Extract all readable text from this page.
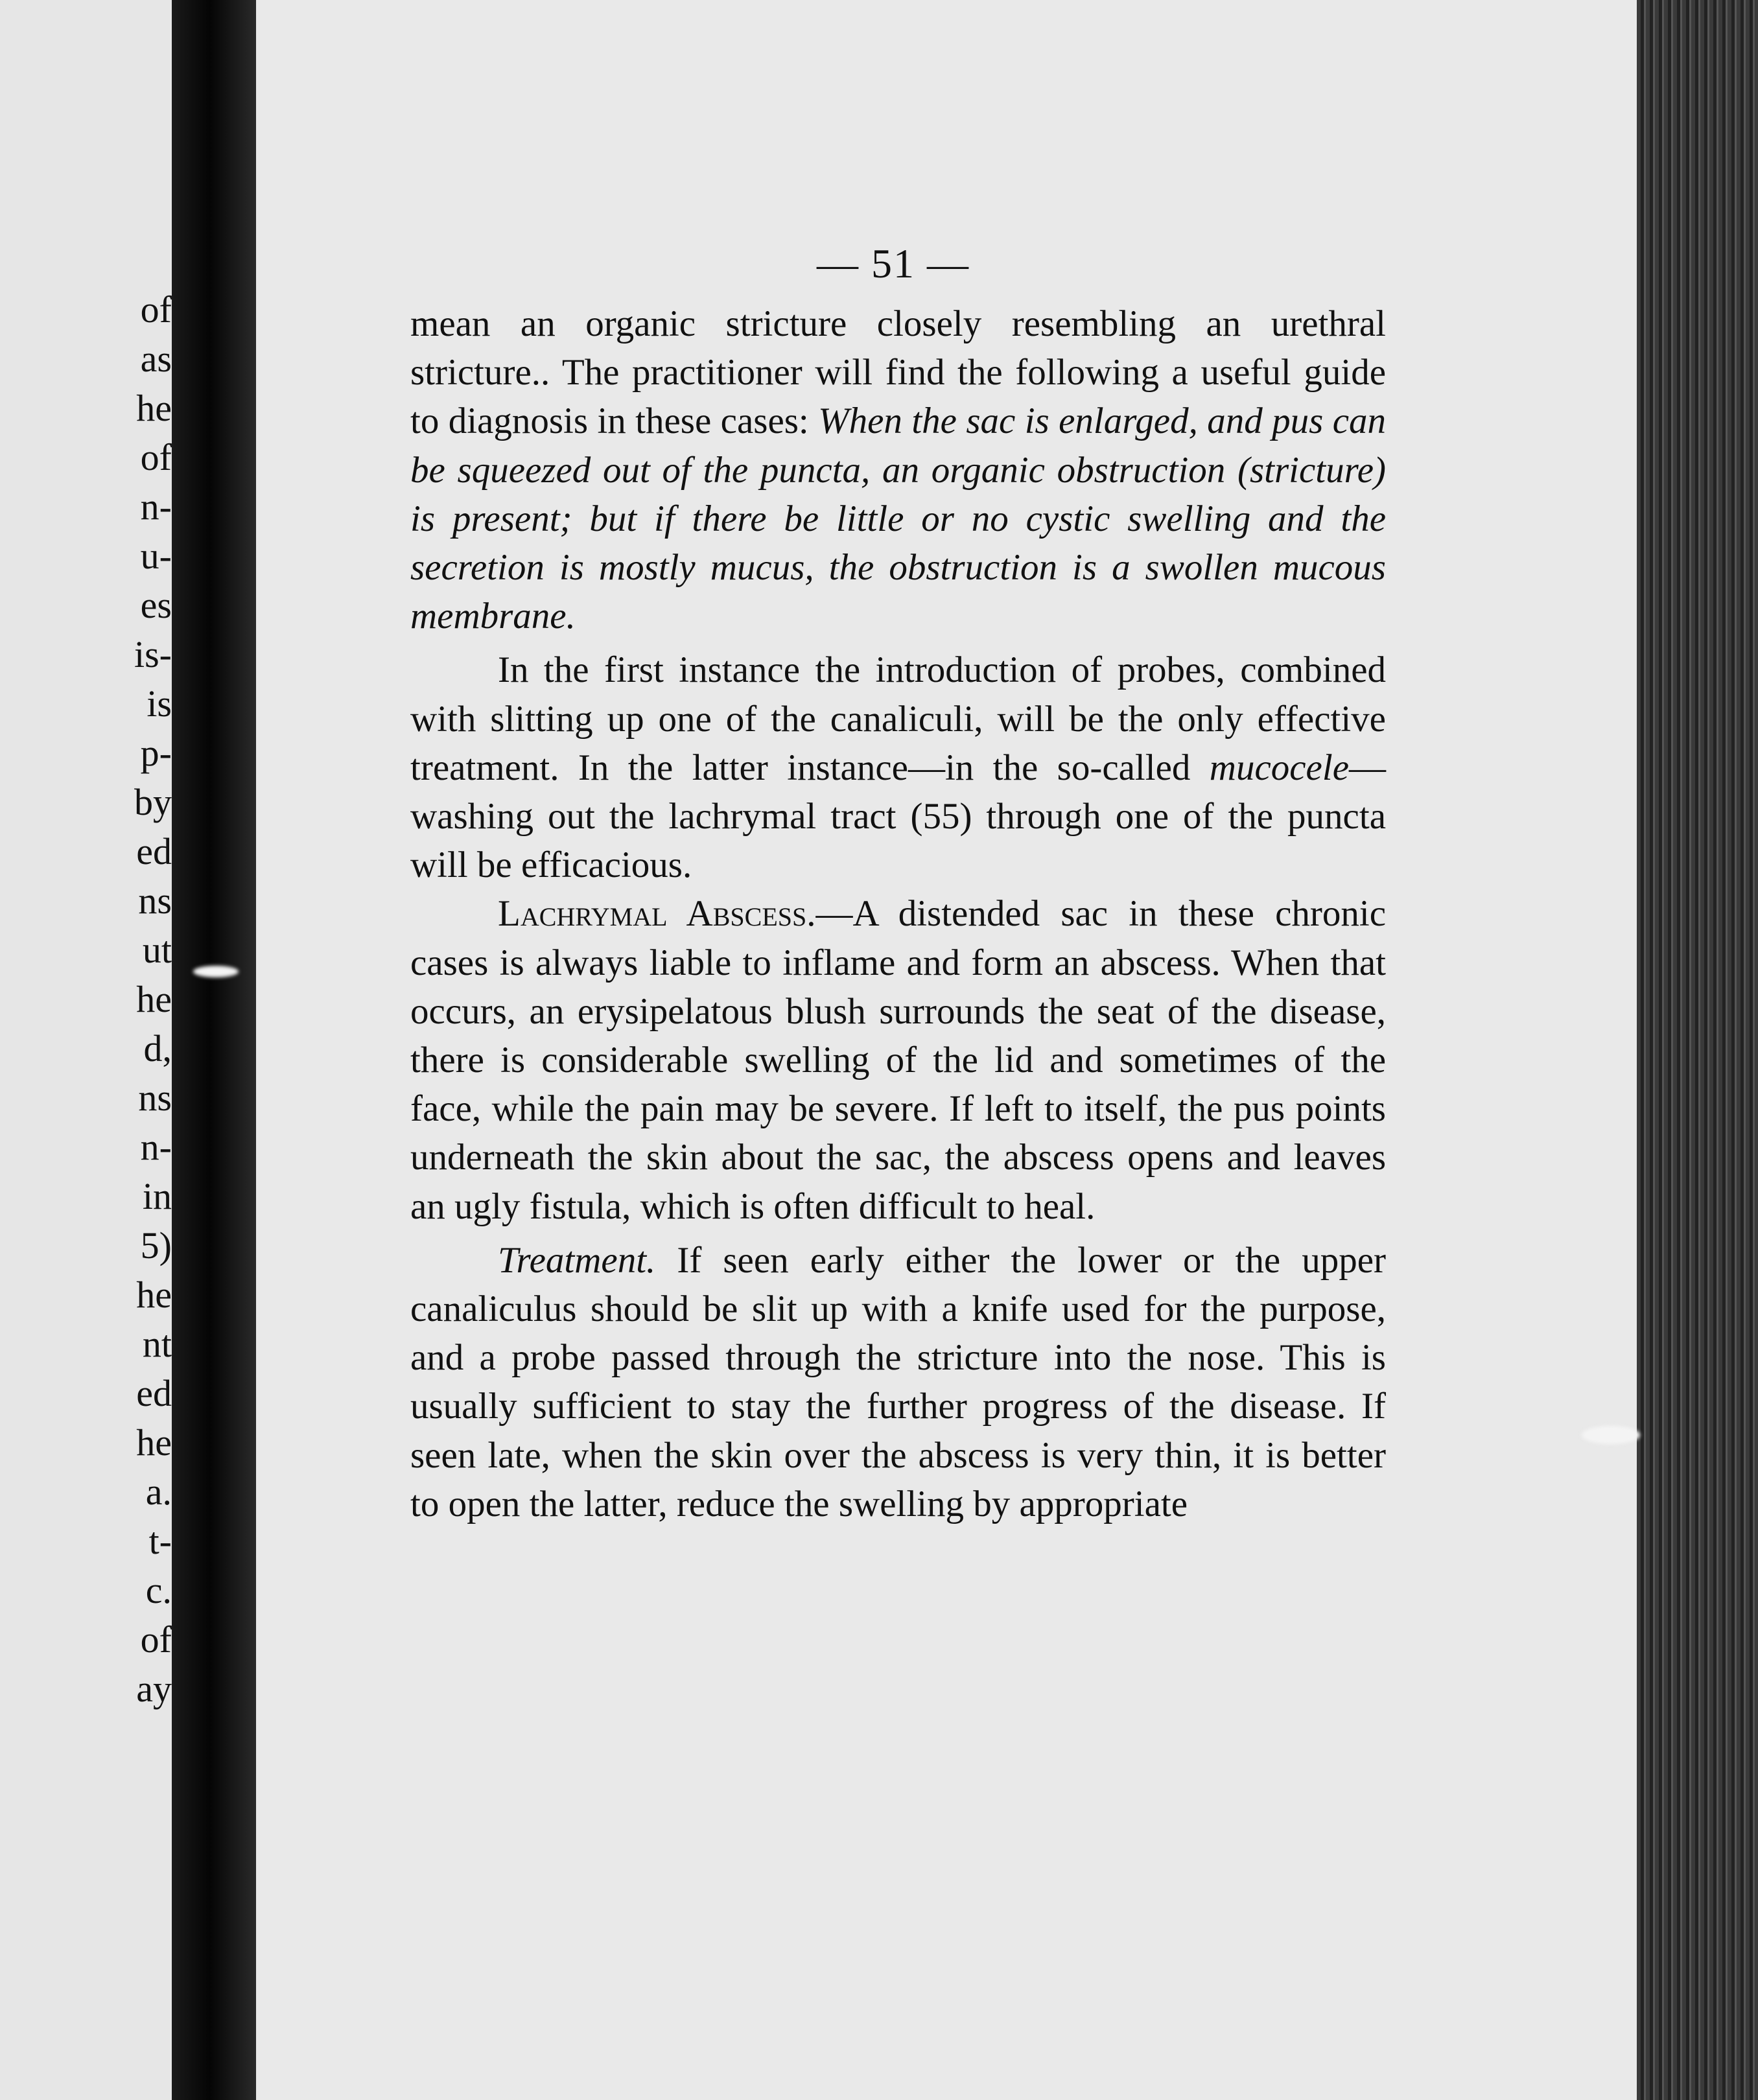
of
as
he
of
n-
u-
es
is-
is
p-
by
ed
ns
ut
he
d,
ns
n-
in
5)
he
nt
ed
he
a.
t-
c.
of
ay
— 51 —

mean an organic stricture closely resembling an urethral stricture.. The practitioner will find the following a useful guide to diagnosis in these cases: When the sac is enlarged, and pus can be squeezed out of the puncta, an organic obstruction (stricture) is present; but if there be little or no cystic swelling and the secretion is mostly mucus, the obstruction is a swollen mucous membrane.

In the first instance the introduction of probes, combined with slitting up one of the canaliculi, will be the only effective treatment. In the latter instance—in the so-called mucocele—washing out the lachrymal tract (55) through one of the puncta will be efficacious.

Lachrymal Abscess.—A distended sac in these chronic cases is always liable to inflame and form an abscess. When that occurs, an erysipelatous blush surrounds the seat of the disease, there is considerable swelling of the lid and sometimes of the face, while the pain may be severe. If left to itself, the pus points underneath the skin about the sac, the abscess opens and leaves an ugly fistula, which is often difficult to heal.

Treatment. If seen early either the lower or the upper canaliculus should be slit up with a knife used for the purpose, and a probe passed through the stricture into the nose. This is usually sufficient to stay the further progress of the disease. If seen late, when the skin over the abscess is very thin, it is better to open the latter, reduce the swelling by appropriate
